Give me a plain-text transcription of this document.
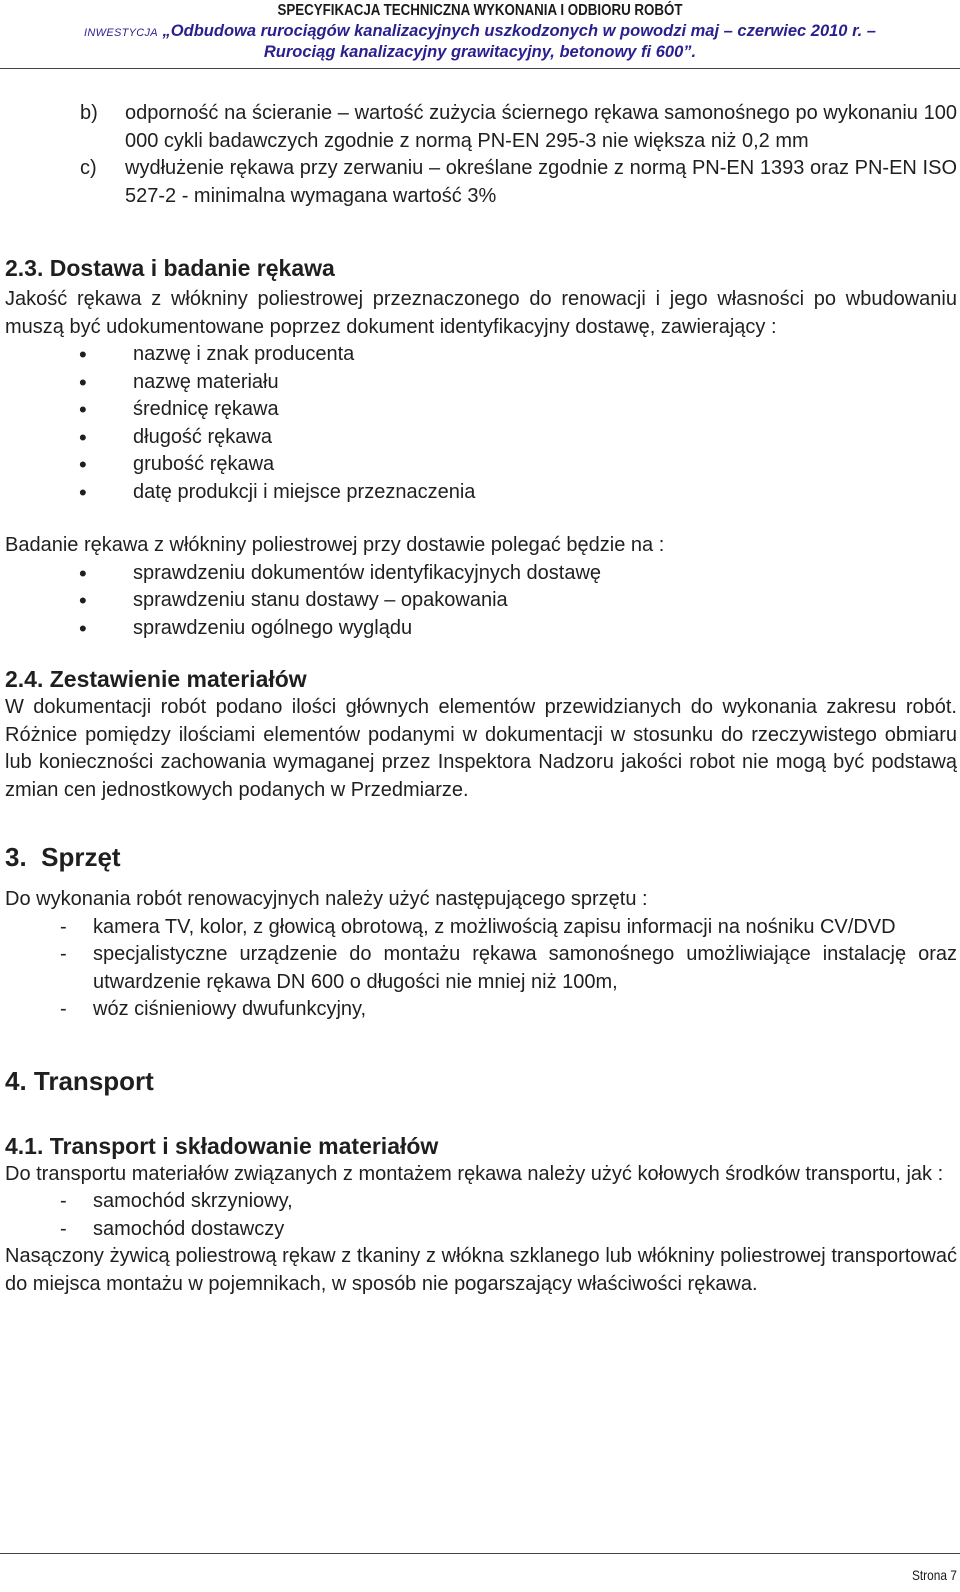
SPECYFIKACJA TECHNICZNA WYKONANIA I ODBIORU ROBÓT
INWESTYCJA „Odbudowa rurociągów kanalizacyjnych uszkodzonych w powodzi maj – czerwiec 2010 r. –
Rurociąg kanalizacyjny grawitacyjny, betonowy fi 600”.
b) odporność na ścieranie – wartość zużycia ściernego rękawa samonośnego po wykonaniu 100 000 cykli badawczych zgodnie z normą PN-EN 295-3 nie większa niż 0,2 mm
c) wydłużenie rękawa przy zerwaniu – określane zgodnie z normą PN-EN 1393 oraz PN-EN ISO 527-2 - minimalna wymagana wartość 3%
2.3. Dostawa i badanie rękawa

Jakość rękawa z włókniny poliestrowej przeznaczonego do renowacji i jego własności po wbudowaniu muszą być udokumentowane poprzez dokument identyfikacyjny dostawę, zawierający :

• nazwę i znak producenta
• nazwę materiału
• średnicę rękawa
• długość rękawa
• grubość rękawa
• datę produkcji i miejsce przeznaczenia

Badanie rękawa z włókniny poliestrowej przy dostawie polegać będzie na :

• sprawdzeniu dokumentów identyfikacyjnych dostawę
• sprawdzeniu stanu dostawy – opakowania
• sprawdzeniu ogólnego wyglądu
2.4. Zestawienie materiałów

W dokumentacji robót podano ilości głównych elementów przewidzianych do wykonania zakresu robót. Różnice pomiędzy ilościami elementów podanymi w dokumentacji w stosunku do rzeczywistego obmiaru lub konieczności zachowania wymaganej przez Inspektora Nadzoru jakości robot nie mogą być podstawą zmian cen jednostkowych podanych w Przedmiarze.

3.  Sprzęt

Do wykonania robót renowacyjnych należy użyć następującego sprzętu :

- kamera TV, kolor, z głowicą obrotową, z możliwością zapisu informacji na nośniku CV/DVD
- specjalistyczne urządzenie do montażu rękawa samonośnego umożliwiające instalację oraz utwardzenie rękawa DN 600 o długości nie mniej niż 100m,
- wóz ciśnieniowy dwufunkcyjny,
4. Transport
4.1. Transport i składowanie materiałów

Do transportu materiałów związanych z montażem rękawa należy użyć kołowych środków transportu, jak :

- samochód skrzyniowy,
- samochód dostawczy

Nasączony żywicą poliestrową rękaw z tkaniny z włókna szklanego lub włókniny poliestrowej transportować do miejsca montażu w pojemnikach, w sposób nie pogarszający właściwości rękawa.

Strona 7
